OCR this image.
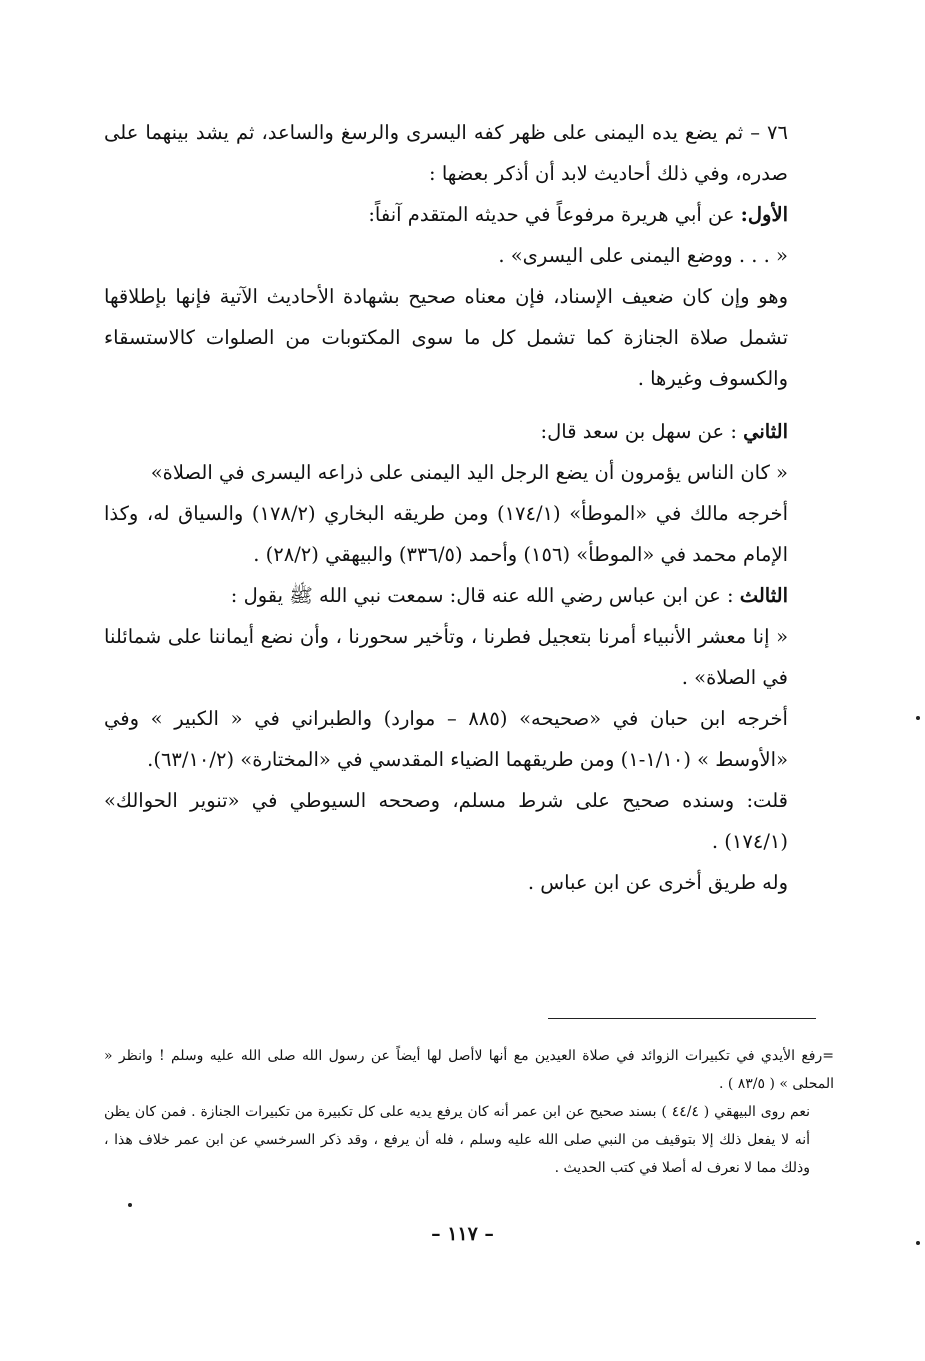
٧٦ – ثم يضع يده اليمنى على ظهر كفه اليسرى والرسغ والساعد، ثم يشد بينهما على صدره، وفي ذلك أحاديث لابد أن أذكر بعضها :

الأول: عن أبي هريرة مرفوعاً في حديثه المتقدم آنفاً:

« . . . ووضع اليمنى على اليسرى» .

وهو وإن كان ضعيف الإسناد، فإن معناه صحيح بشهادة الأحاديث الآتية فإنها بإطلاقها تشمل صلاة الجنازة كما تشمل كل ما سوى المكتوبات من الصلوات كالاستسقاء والكسوف وغيرها .

الثاني : عن سهل بن سعد قال:

« كان الناس يؤمرون أن يضع الرجل اليد اليمنى على ذراعه اليسرى في الصلاة»

أخرجه مالك في «الموطأ» (١٧٤/١) ومن طريقه البخاري (١٧٨/٢) والسياق له، وكذا الإمام محمد في «الموطأ» (١٥٦) وأحمد (٣٣٦/٥) والبيهقي (٢٨/٢) .

الثالث : عن ابن عباس رضي الله عنه قال: سمعت نبي الله ﷺ يقول :

« إنا معشر الأنبياء أمرنا بتعجيل فطرنا ، وتأخير سحورنا ، وأن نضع أيماننا على شمائلنا في الصلاة» .

أخرجه ابن حبان في «صحيحه» (٨٨٥ – موارد) والطبراني في « الكبير » وفي «الأوسط » (١/١٠-١) ومن طريقهما الضياء المقدسي في «المختارة» (٦٣/١٠/٢).

قلت: وسنده صحيح على شرط مسلم، وصححه السيوطي في «تنوير الحوالك» (١٧٤/١) .

وله طريق أخرى عن ابن عباس .

=رفع الأيدي في تكبيرات الزوائد في صلاة العيدين مع أنها لاأصل لها أيضاً عن رسول الله صلى الله عليه وسلم ! وانظر « المحلى » ( ٨٣/٥ ) .

نعم روى البيهقي ( ٤٤/٤ ) بسند صحيح عن ابن عمر أنه كان يرفع يديه على كل تكبيرة من تكبيرات الجنازة . فمن كان يظن أنه لا يفعل ذلك إلا بتوقيف من النبي صلى الله عليه وسلم ، فله أن يرفع ، وقد ذكر السرخسي عن ابن عمر خلاف هذا ، وذلك مما لا نعرف له أصلا في كتب الحديث .

– ١١٧ –
